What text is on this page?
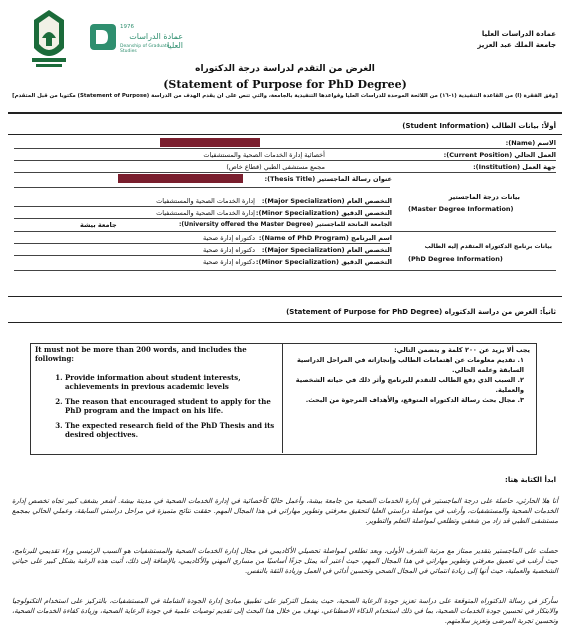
1976
عمادة الدراسات العليا
Deanship of Graduate Studies
عمادة الدراسات العليا
جامعة الملك عبد العزيز
الغرض من التقدم لدراسة درجة الدكتوراه
(Statement of Purpose for PhD Degree)
[وفق الفقرة (أ) من القاعدة التنفيذية (١-١٦) من اللائحة الموحدة للدراسات العليا وقواعدها التنفيذية بالجامعة، والتي تنص على أن يقدم الهدف من الدراسة (Statement of Purpose) مكتوبا من قبل المتقدم]
أولاً: بيانات الطالب (Student Information)
الاسم (Name):
العمل الحالي (Current Position):
أخصائية إدارة الخدمات الصحية والمستشفيات
جهة العمل (Institution):
مجمع مستشفى الطبي (قطاع خاص)
بيانات درجة الماجستير
(Master Degree Information)
عنوان رسالة الماجستير (Thesis Title):
التخصص العام (Major Specialization):
إدارة الخدمات الصحية والمستشفيات
التخصص الدقيق (Minor Specialization):
إدارة الخدمات الصحية والمستشفيات
الجامعة المانحة للماجستير (University offered the Master Degree):
جامعة بيشة
بيانات برنامج الدكتوراه المتقدم إليه الطالب
(PhD Degree Information)
اسم البرنامج (Name of PhD Program):
دكتوراه إدارة صحية
التخصص العام (Major Specialization):
دكتوراه إدارة صحية
التخصص الدقيق (Minor Specialization):
دكتوراه إدارة صحية
ثانياً: الغرض من دراسة الدكتوراه (Statement of Purpose for PhD Degree)
It must not be more than 200 words, and includes the following:
1. Provide information about student interests, achievements in previous academic levels
2. The reason that encouraged student to apply for the PhD program and the impact on his life.
3. The expected research field of the PhD Thesis and its desired objectives.
يجب ألا يزيد عن ٢٠٠ كلمة و يتضمن التالي:
١. تقديم معلومات عن اهتمامات الطالب وإنجازاته في المراحل الدراسية السابقة وعلمه الحالي.
٢. السبب الذي دفع الطالب للتقدم للبرنامج وأثر ذلك في حياته الشخصية والعملية.
٣. مجال بحث رسالة الدكتوراه المتوقع، والأهداف المرجوة من البحث.
ابدأ الكتابة هنا:
أنا هلا الحارثي، حاصلة على درجة الماجستير في إدارة الخدمات الصحية من جامعة بيشة، وأعمل حاليًا كأخصائية في إدارة الخدمات الصحية في مدينة بيشة. أشعر بشغف كبير تجاه تخصص إدارة الخدمات الصحية والمستشفيات، وأرغب في مواصلة دراستي العليا لتحقيق معرفتي وتطوير مهاراتي في هذا المجال المهم. حققت نتائج متميزة في مراحل دراستي السابقة، وعملي الحالي بمجمع مستشفى الطبي قد زاد من شغفي وتطلعي لمواصلة التعلم والتطوير.
حصلت على الماجستير بتقدير ممتاز مع مرتبة الشرف الأولى، وبعد تطلعي لمواصلة تحصيلي الأكاديمي في مجال إدارة الخدمات الصحية والمستشفيات هو السبب الرئيسي وراء تقديمي للبرنامج، حيث أرغب في تعميق معرفتي وتطوير مهاراتي في هذا المجال المهم، حيث أعتبر أنه يمثل جزءًا أساسيًا من مساري المهني والأكاديمي، بالإضافة إلى ذلك، أثبت هذه الرغبة بشكل كبير على حياتي الشخصية والعملية، حيث أنها إلى زيادة انتمائي في المجال الصحي وتحسين أدائي في العمل وزيادة الثقة بالنفس.
سأركز في رسالة الدكتوراه المتوقعة على دراسة تعزيز جودة الرعاية الصحية، حيث يشمل التركيز على تطبيق مبادئ إدارة الجودة الشاملة في المستشفيات، بالتركيز على استخدام التكنولوجيا والابتكار في تحسين جودة الخدمات الصحية، بما في ذلك استخدام الذكاء الاصطناعي، نهدف من خلال هذا البحث إلى تقديم توصيات علمية في جودة الرعاية الصحية، وزيادة كفاءة الخدمات الصحية، وتحسين تجربة المرضى وتعزيز سلامتهم.
